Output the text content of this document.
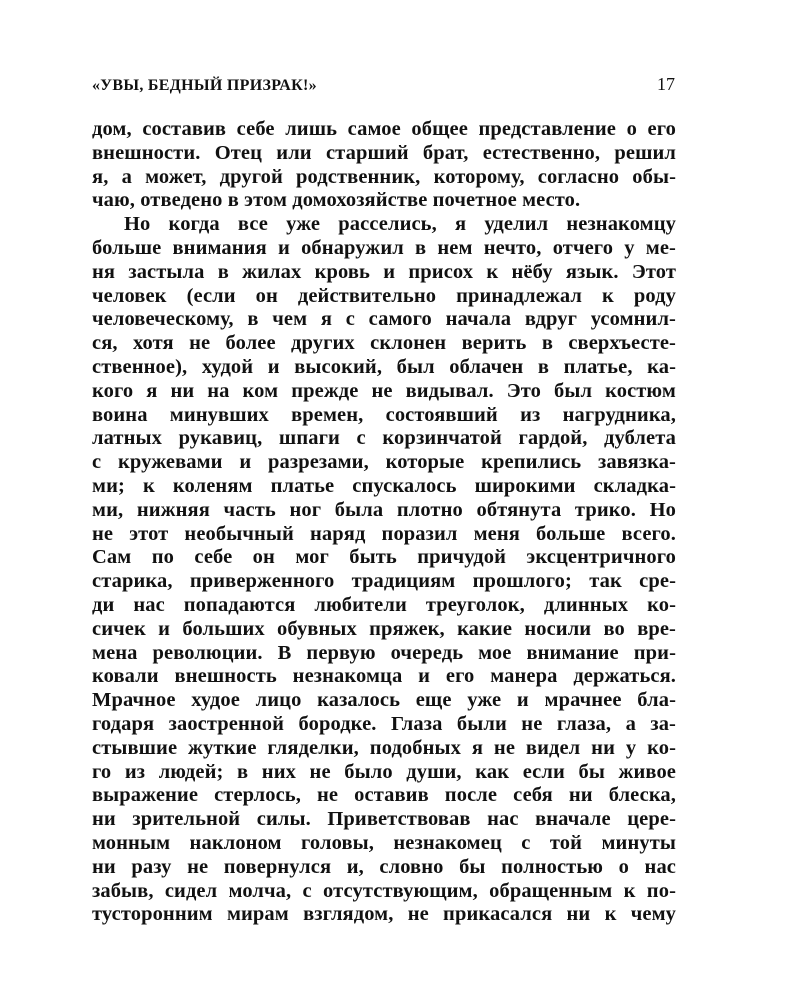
«УВЫ, БЕДНЫЙ ПРИЗРАК!»	17
дом, составив себе лишь самое общее представление о его
внешности. Отец или старший брат, естественно, решил
я, а может, другой родственник, которому, согласно обы-
чаю, отведено в этом домохозяйстве почетное место.
Но когда все уже расселись, я уделил незнакомцу
больше внимания и обнаружил в нем нечто, отчего у ме-
ня застыла в жилах кровь и присох к нёбу язык. Этот
человек (если он действительно принадлежал к роду
человеческому, в чем я с самого начала вдруг усомнил-
ся, хотя не более других склонен верить в сверхъесте-
ственное), худой и высокий, был облачен в платье, ка-
кого я ни на ком прежде не видывал. Это был костюм
воина минувших времен, состоявший из нагрудника,
латных рукавиц, шпаги с корзинчатой гардой, дублета
с кружевами и разрезами, которые крепились завязка-
ми; к коленям платье спускалось широкими складка-
ми, нижняя часть ног была плотно обтянута трико. Но
не этот необычный наряд поразил меня больше всего.
Сам по себе он мог быть причудой эксцентричного
старика, приверженного традициям прошлого; так сре-
ди нас попадаются любители треуголок, длинных ко-
сичек и больших обувных пряжек, какие носили во вре-
мена революции. В первую очередь мое внимание при-
ковали внешность незнакомца и его манера держаться.
Мрачное худое лицо казалось еще уже и мрачнее бла-
годаря заостренной бородке. Глаза были не глаза, а за-
стывшие жуткие гляделки, подобных я не видел ни у ко-
го из людей; в них не было души, как если бы живое
выражение стерлось, не оставив после себя ни блеска,
ни зрительной силы. Приветствовав нас вначале цере-
монным наклоном головы, незнакомец с той минуты
ни разу не повернулся и, словно бы полностью о нас
забыв, сидел молча, с отсутствующим, обращенным к по-
тусторонним мирам взглядом, не прикасался ни к чему
